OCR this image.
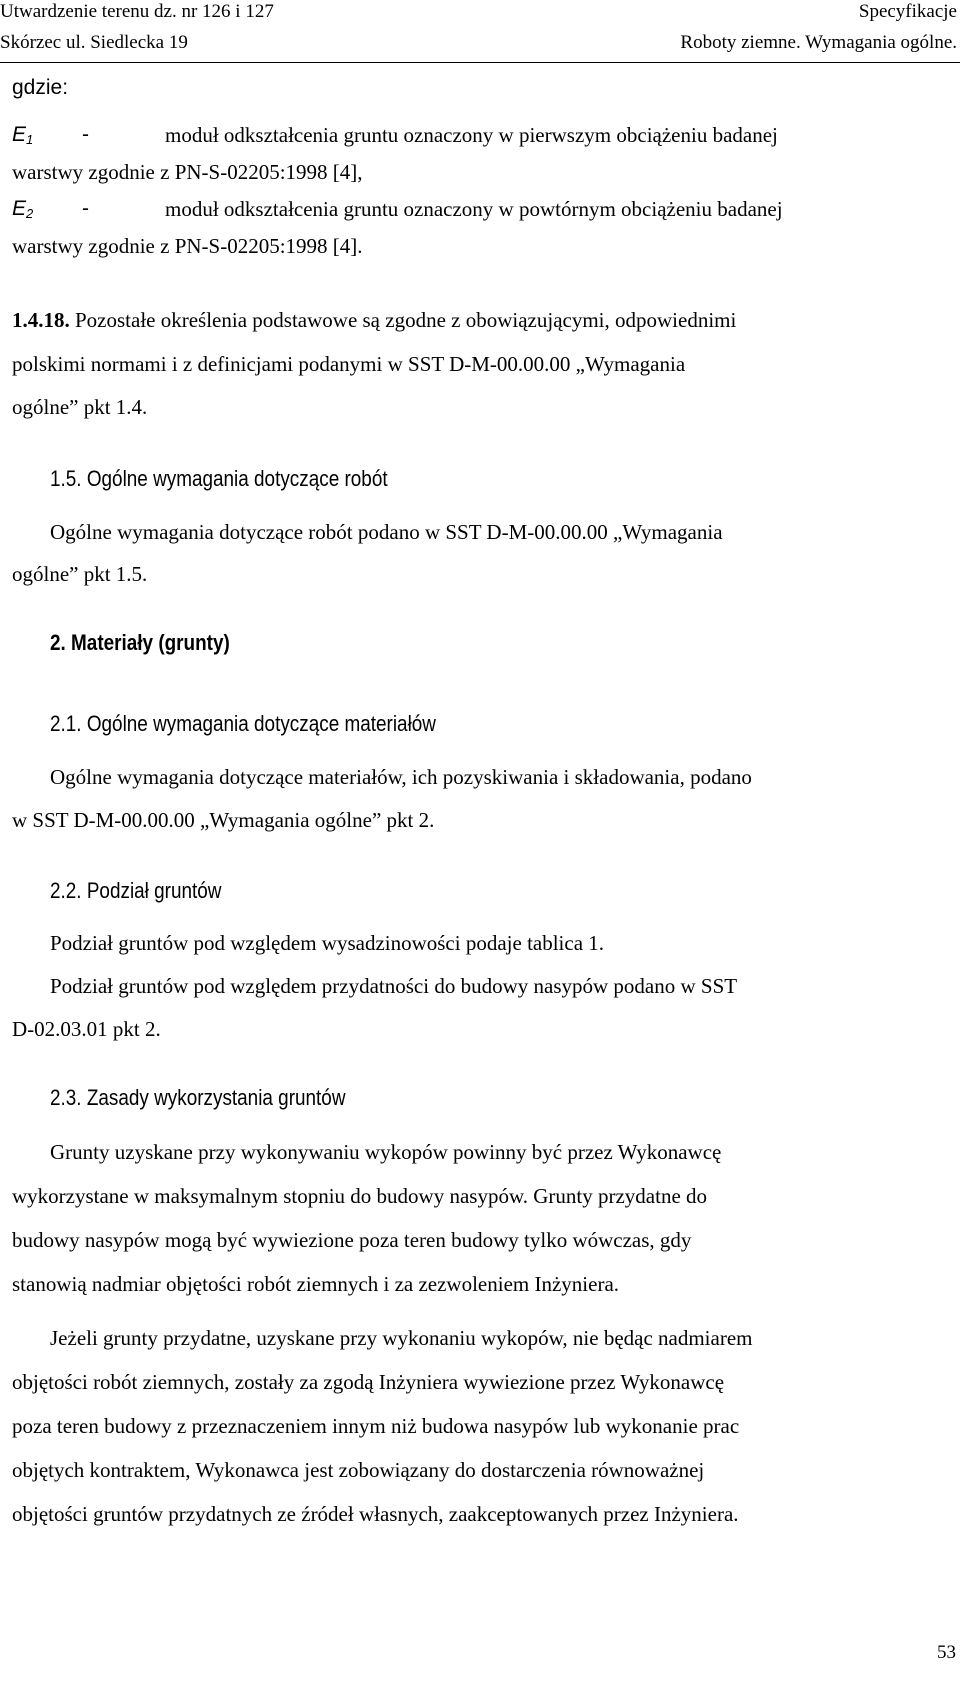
Utwardzenie terenu dz. nr 126 i 127	Specyfikacje
Skórzec ul. Siedlecka 19	Roboty ziemne. Wymagania ogólne.
gdzie:
$E_1$ -	moduł odkształcenia gruntu oznaczony w pierwszym obciążeniu badanej
warstwy zgodnie z PN-S-02205:1998 [4],
$E_2$ -	moduł odkształcenia gruntu oznaczony w powtórnym obciążeniu badanej
warstwy zgodnie z PN-S-02205:1998 [4].
1.4.18. Pozostałe określenia podstawowe są zgodne z obowiązującymi, odpowiednimi
polskimi normami i z definicjami podanymi w SST D-M-00.00.00 „Wymagania
ogólne” pkt 1.4.
1.5. Ogólne wymagania dotyczące robót
Ogólne wymagania dotyczące robót podano w SST D-M-00.00.00 „Wymagania
ogólne” pkt 1.5.
2. Materiały (grunty)
2.1. Ogólne wymagania dotyczące materiałów
Ogólne wymagania dotyczące materiałów, ich pozyskiwania i składowania, podano
w SST D-M-00.00.00 „Wymagania ogólne” pkt 2.
2.2. Podział gruntów
Podział gruntów pod względem wysadzinowości podaje tablica 1.
Podział gruntów pod względem przydatności do budowy nasypów podano w SST
D-02.03.01 pkt 2.
2.3. Zasady wykorzystania gruntów
Grunty uzyskane przy wykonywaniu wykopów powinny być przez Wykonawcę
wykorzystane w maksymalnym stopniu do budowy nasypów. Grunty przydatne do
budowy nasypów mogą być wywiezione poza teren budowy tylko wówczas, gdy
stanowią nadmiar objętości robót ziemnych i za zezwoleniem Inżyniera.
Jeżeli grunty przydatne, uzyskane przy wykonaniu wykopów, nie będąc nadmiarem
objętości robót ziemnych, zostały za zgodą Inżyniera wywiezione przez Wykonawcę
poza teren budowy z przeznaczeniem innym niż budowa nasypów lub wykonanie prac
objętych kontraktem, Wykonawca jest zobowiązany do dostarczenia równoważnej
objętości gruntów przydatnych ze źródeł własnych, zaakceptowanych przez Inżyniera.
53
